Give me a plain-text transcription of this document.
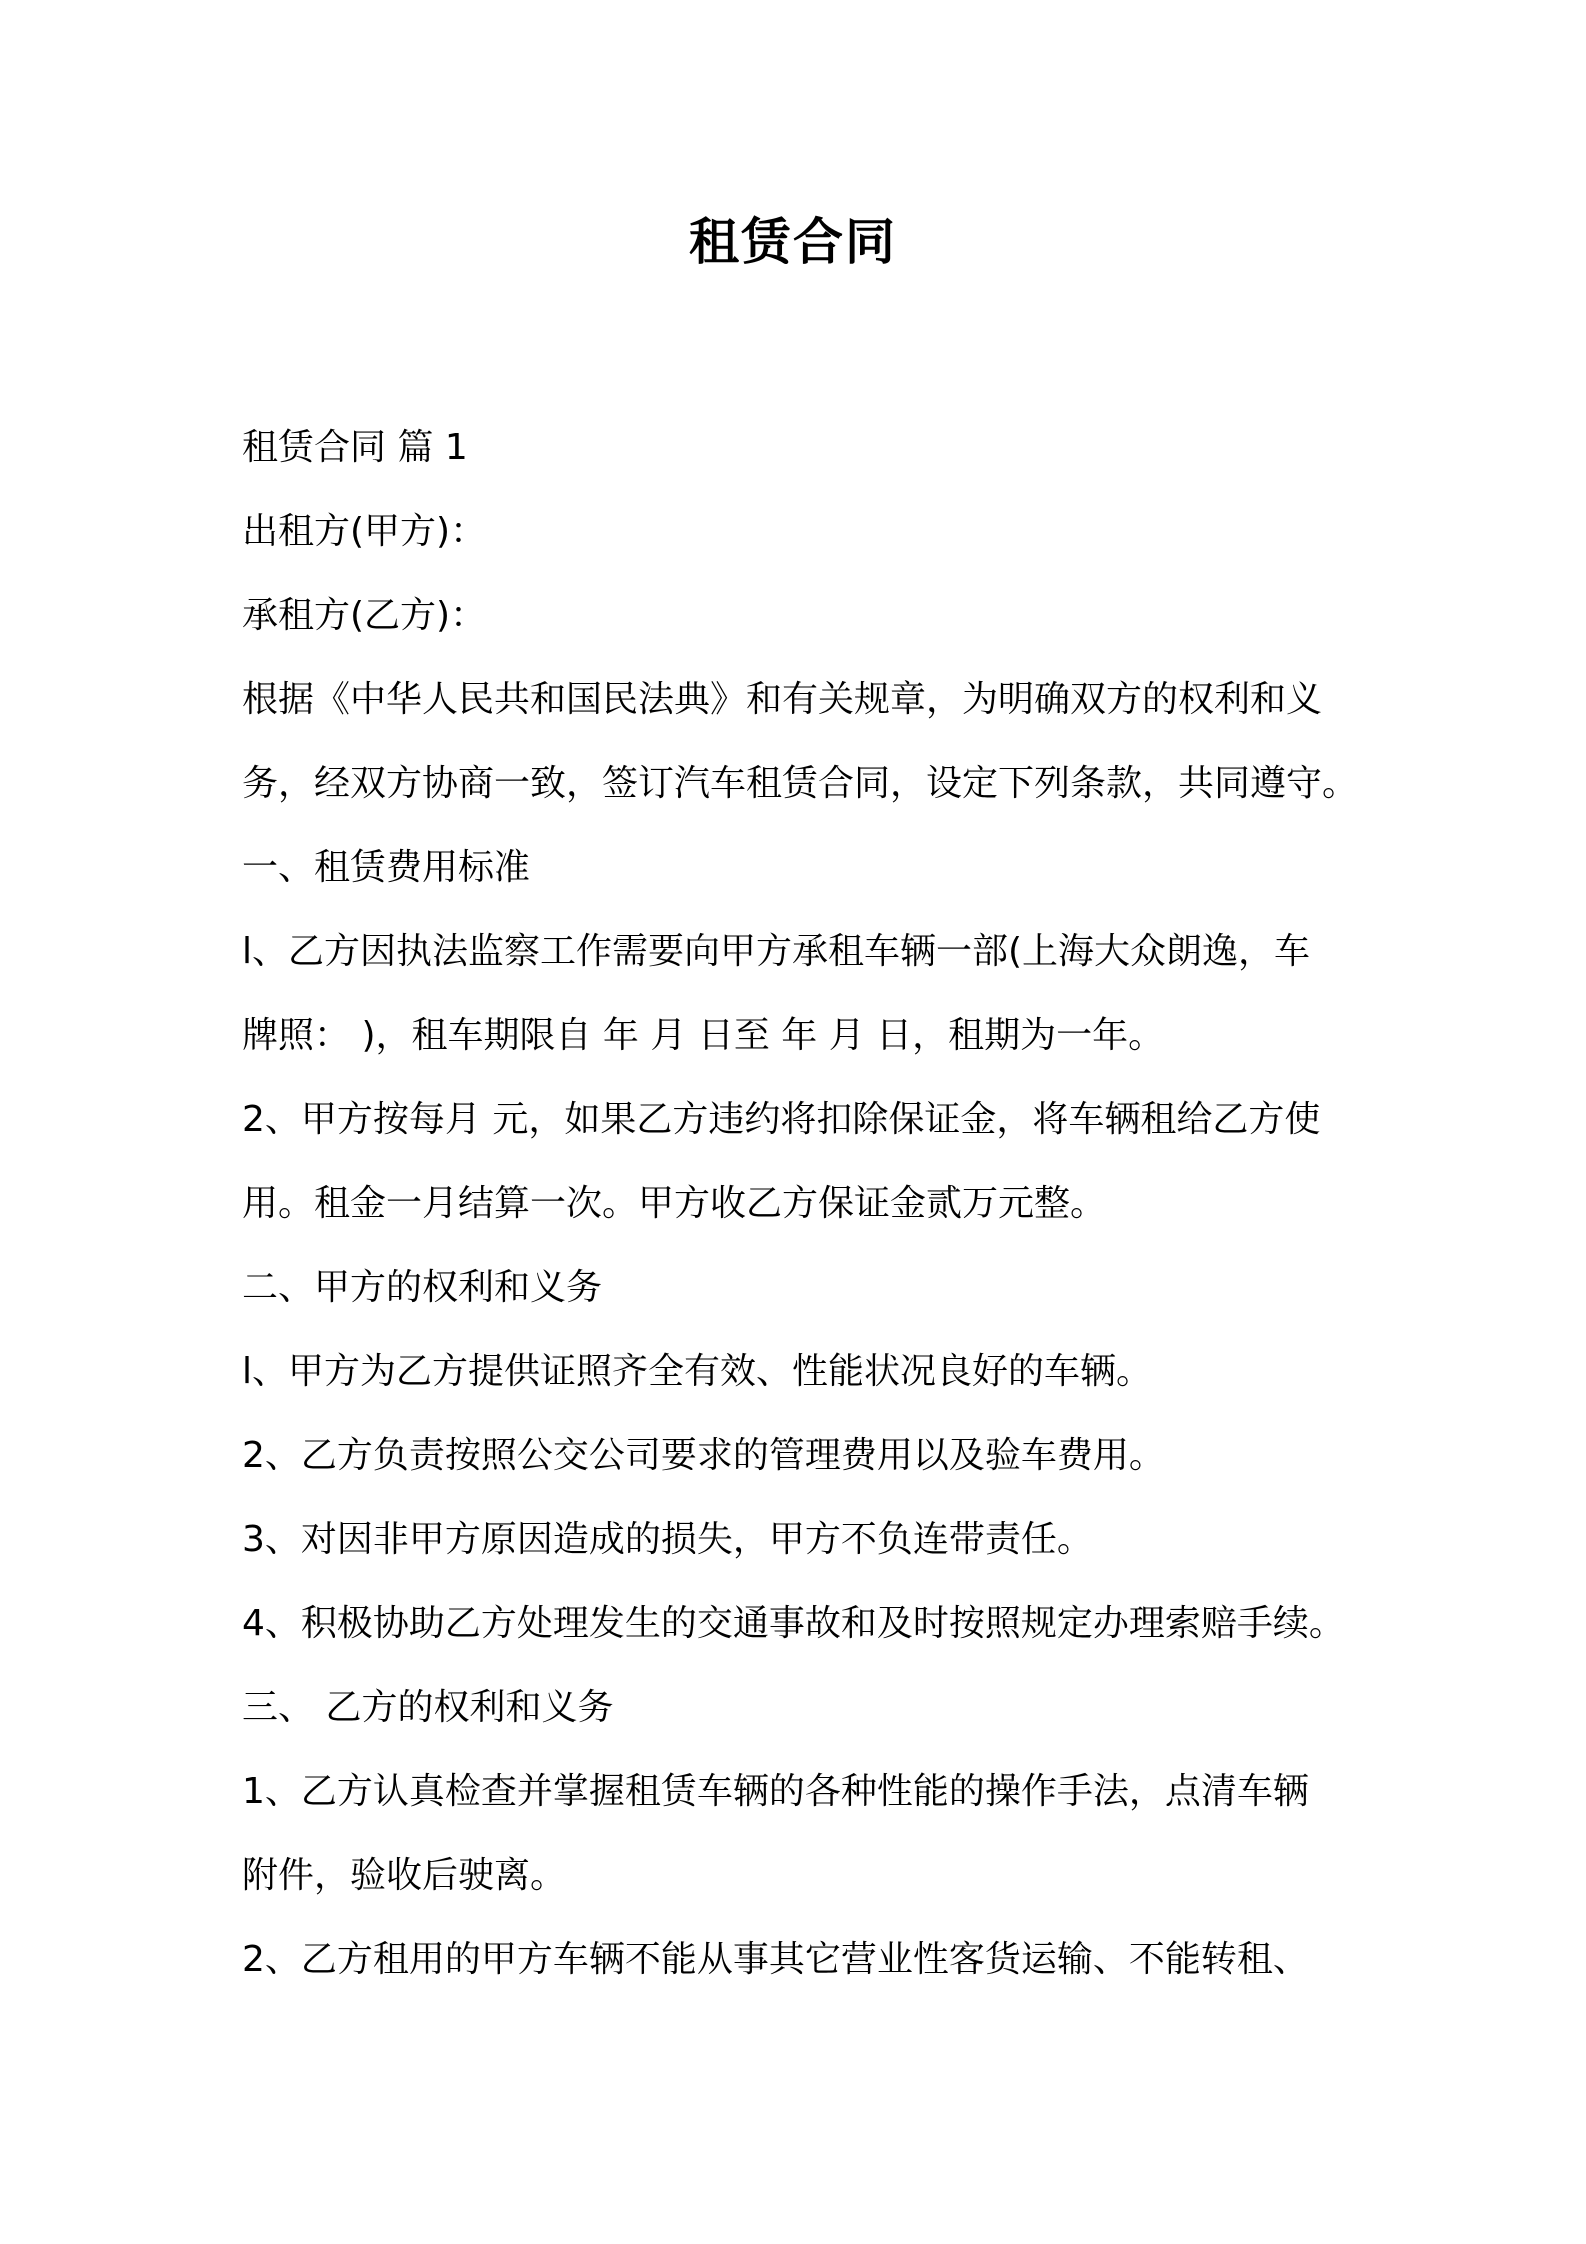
租赁合同
租赁合同 篇 1
出租方(甲方)：
承租方(乙方)：
根据《中华人民共和国民法典》和有关规章，为明确双方的权利和义
务，经双方协商一致，签订汽车租赁合同，设定下列条款，共同遵守。
一、租赁费用标准
l、乙方因执法监察工作需要向甲方承租车辆一部(上海大众朗逸，车
牌照： )，租车期限自 年 月 日至 年 月 日，租期为一年。
2、甲方按每月 元，如果乙方违约将扣除保证金，将车辆租给乙方使
用。租金一月结算一次。甲方收乙方保证金贰万元整。
二、甲方的权利和义务
l、甲方为乙方提供证照齐全有效、性能状况良好的车辆。
2、乙方负责按照公交公司要求的管理费用以及验车费用。
3、对因非甲方原因造成的损失，甲方不负连带责任。
4、积极协助乙方处理发生的交通事故和及时按照规定办理索赔手续。
三、 乙方的权利和义务
1、乙方认真检查并掌握租赁车辆的各种性能的操作手法，点清车辆
附件，验收后驶离。
2、乙方租用的甲方车辆不能从事其它营业性客货运输、不能转租、
